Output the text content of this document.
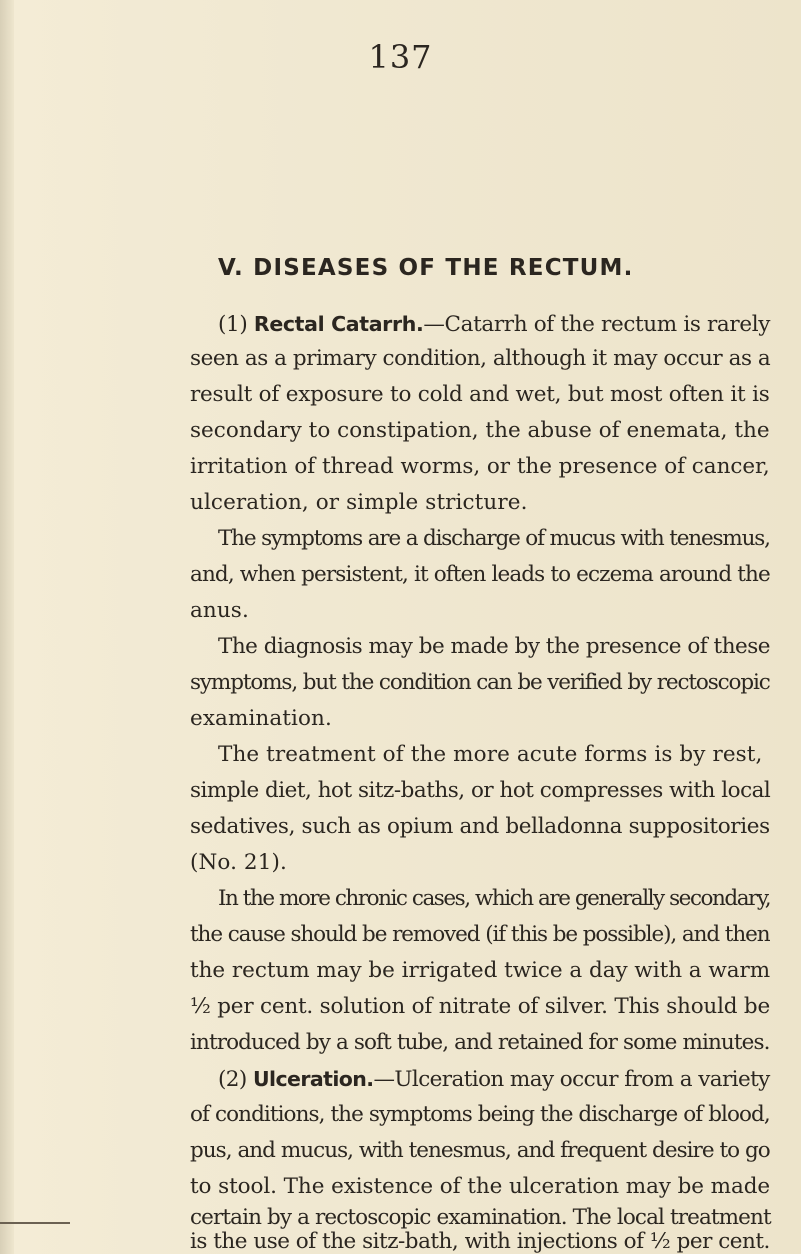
137
V. DISEASES OF THE RECTUM.
(1) Rectal Catarrh.—Catarrh of the rectum is rarely
seen as a primary condition, although it may occur as a
result of exposure to cold and wet, but most often it is
secondary to constipation, the abuse of enemata, the
irritation of thread worms, or the presence of cancer,
ulceration, or simple stricture.
The symptoms are a discharge of mucus with tenesmus,
and, when persistent, it often leads to eczema around the
anus.
The diagnosis may be made by the presence of these
symptoms, but the condition can be verified by rectoscopic
examination.
The treatment of the more acute forms is by rest,
simple diet, hot sitz-baths, or hot compresses with local
sedatives, such as opium and belladonna suppositories
(No. 21).
In the more chronic cases, which are generally secondary,
the cause should be removed (if this be possible), and then
the rectum may be irrigated twice a day with a warm
½ per cent. solution of nitrate of silver. This should be
introduced by a soft tube, and retained for some minutes.
(2) Ulceration.—Ulceration may occur from a variety
of conditions, the symptoms being the discharge of blood,
pus, and mucus, with tenesmus, and frequent desire to go
to stool. The existence of the ulceration may be made
certain by a rectoscopic examination. The local treatment
is the use of the sitz-bath, with injections of ½ per cent.
